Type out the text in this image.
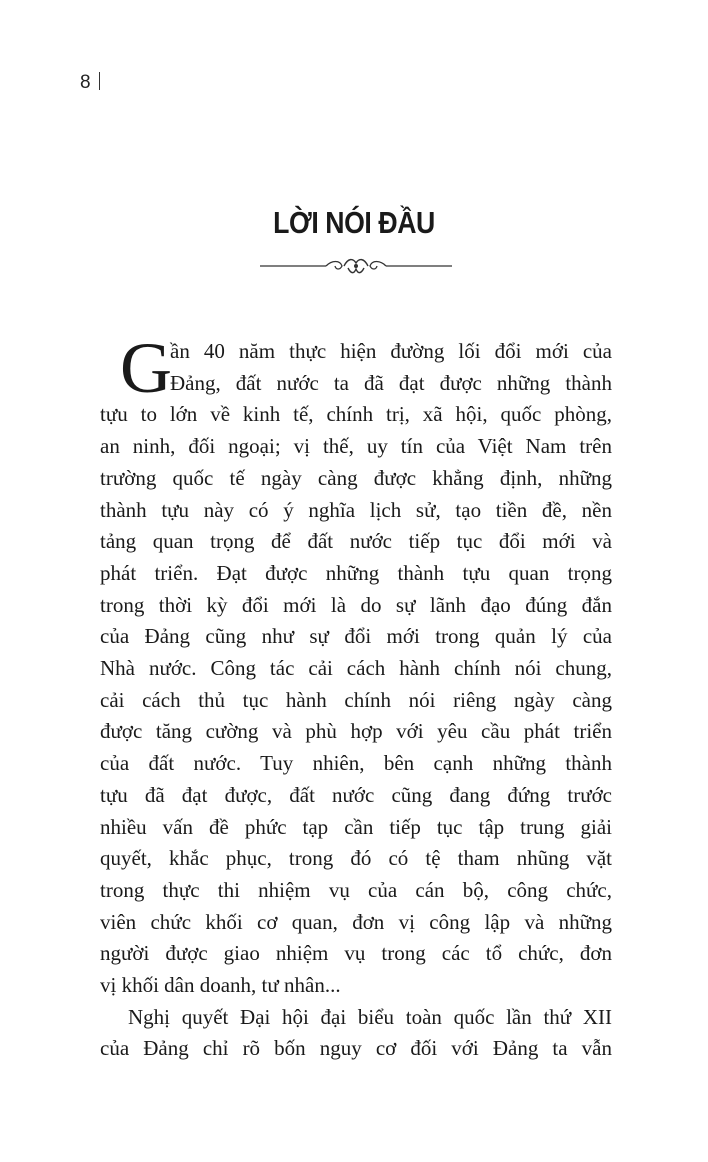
8
LỜI NÓI ĐẦU
G
ần 40 năm thực hiện đường lối đổi mới của
Đảng, đất nước ta đã đạt được những thành
tựu to lớn về kinh tế, chính trị, xã hội, quốc phòng,
an ninh, đối ngoại; vị thế, uy tín của Việt Nam trên
trường quốc tế ngày càng được khẳng định, những
thành tựu này có ý nghĩa lịch sử, tạo tiền đề, nền
tảng quan trọng để đất nước tiếp tục đổi mới và
phát triển. Đạt được những thành tựu quan trọng
trong thời kỳ đổi mới là do sự lãnh đạo đúng đắn
của Đảng cũng như sự đổi mới trong quản lý của
Nhà nước. Công tác cải cách hành chính nói chung,
cải cách thủ tục hành chính nói riêng ngày càng
được tăng cường và phù hợp với yêu cầu phát triển
của đất nước. Tuy nhiên, bên cạnh những thành
tựu đã đạt được, đất nước cũng đang đứng trước
nhiều vấn đề phức tạp cần tiếp tục tập trung giải
quyết, khắc phục, trong đó có tệ tham nhũng vặt
trong thực thi nhiệm vụ của cán bộ, công chức,
viên chức khối cơ quan, đơn vị công lập và những
người được giao nhiệm vụ trong các tổ chức, đơn
vị khối dân doanh, tư nhân...
Nghị quyết Đại hội đại biểu toàn quốc lần thứ XII
của Đảng chỉ rõ bốn nguy cơ đối với Đảng ta vẫn
